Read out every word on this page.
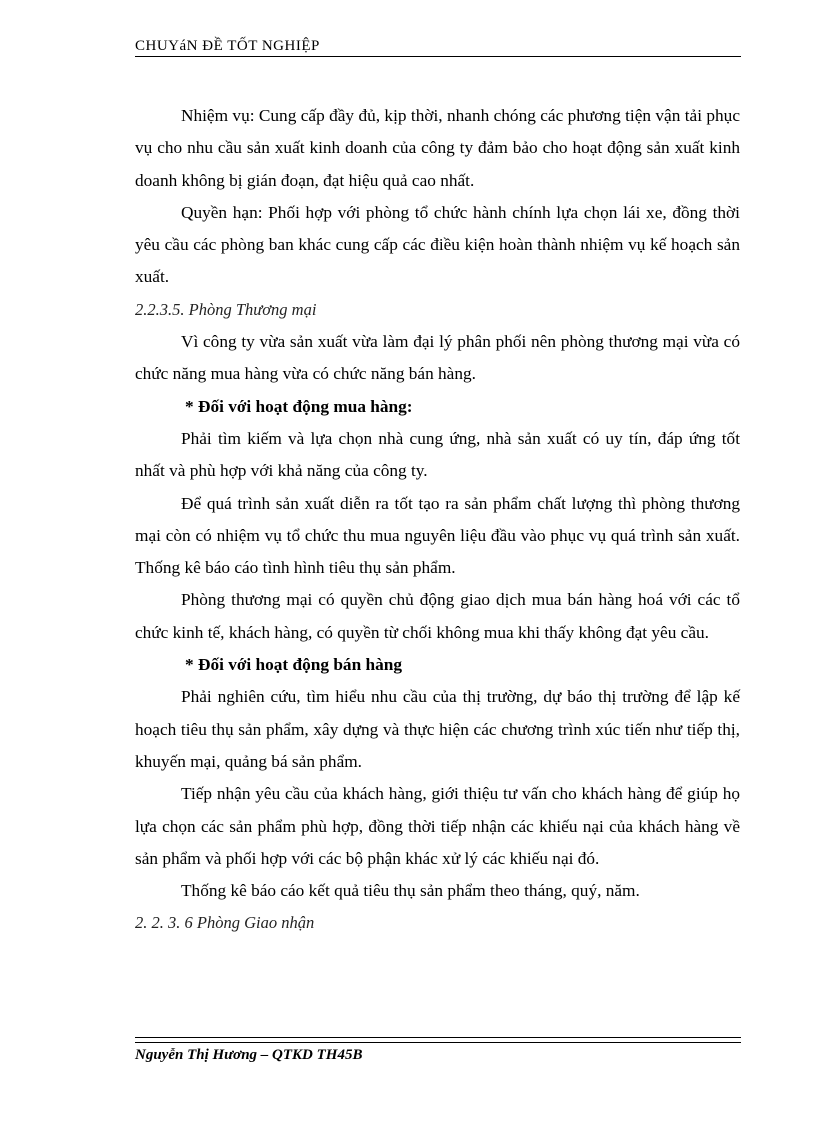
CHUYáN ĐỀ TỐT NGHIỆP

Nhiệm vụ: Cung cấp đầy đủ, kịp thời, nhanh chóng các phương tiện vận tải phục vụ cho nhu cầu sản xuất kinh doanh của công ty đảm bảo cho hoạt động sản xuất kinh doanh không bị gián đoạn, đạt hiệu quả cao nhất.

Quyền hạn: Phối hợp với phòng tổ chức hành chính lựa chọn lái xe, đồng thời yêu cầu các phòng ban khác cung cấp các điều kiện hoàn thành nhiệm vụ kế hoạch sản xuất.

2.2.3.5. Phòng Thương mại

Vì công ty vừa sản xuất vừa làm đại lý phân phối nên phòng thương mại vừa có chức năng mua hàng vừa có chức năng bán hàng.

* Đối với hoạt động mua hàng:

Phải tìm kiếm và lựa chọn nhà cung ứng, nhà sản xuất có uy tín, đáp ứng tốt nhất và phù hợp với khả năng của công ty.

Để quá trình sản xuất diễn ra tốt tạo ra sản phẩm chất lượng thì phòng thương mại còn có nhiệm vụ tổ chức thu mua nguyên liệu đầu vào phục vụ quá trình sản xuất. Thống kê báo cáo tình hình tiêu thụ sản phẩm.

Phòng thương mại có quyền chủ động giao dịch mua bán hàng hoá với các tổ chức kinh tế, khách hàng, có quyền từ chối không mua khi thấy không đạt yêu cầu.

* Đối với hoạt động bán hàng

Phải nghiên cứu, tìm hiểu nhu cầu của thị trường, dự báo thị trường để lập kế hoạch tiêu thụ sản phẩm, xây dựng và thực hiện các chương trình xúc tiến như tiếp thị, khuyến mại, quảng bá sản phẩm.

Tiếp nhận yêu cầu của khách hàng, giới thiệu tư vấn cho khách hàng để giúp họ lựa chọn các sản phẩm phù hợp, đồng thời tiếp nhận các khiếu nại của khách hàng về sản phẩm và phối hợp với các bộ phận khác xử lý các khiếu nại đó.

Thống kê báo cáo kết quả tiêu thụ sản phẩm theo tháng, quý, năm.

2. 2. 3. 6 Phòng Giao nhận

Nguyễn Thị Hương – QTKD TH45B
